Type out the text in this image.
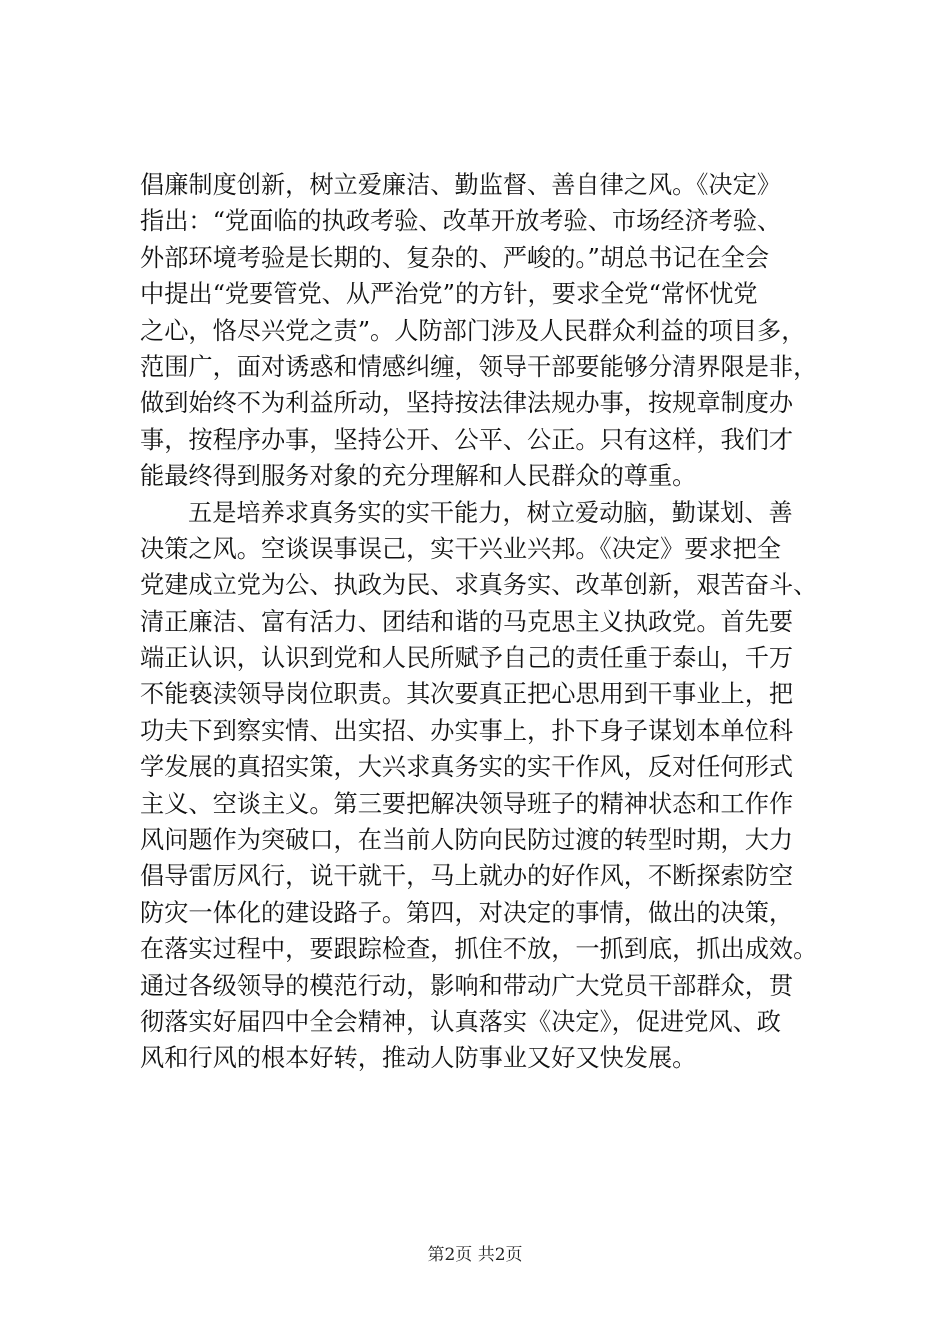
倡廉制度创新，树立爱廉洁、勤监督、善自律之风。《决定》
指出：“党面临的执政考验、改革开放考验、市场经济考验、
外部环境考验是长期的、复杂的、严峻的。”胡总书记在全会
中提出“党要管党、从严治党”的方针，要求全党“常怀忧党
之心，恪尽兴党之责”。人防部门涉及人民群众利益的项目多，
范围广，面对诱惑和情感纠缠，领导干部要能够分清界限是非，
做到始终不为利益所动，坚持按法律法规办事，按规章制度办
事，按程序办事，坚持公开、公平、公正。只有这样，我们才
能最终得到服务对象的充分理解和人民群众的尊重。
五是培养求真务实的实干能力，树立爱动脑，勤谋划、善
决策之风。空谈误事误己，实干兴业兴邦。《决定》要求把全
党建成立党为公、执政为民、求真务实、改革创新，艰苦奋斗、
清正廉洁、富有活力、团结和谐的马克思主义执政党。首先要
端正认识，认识到党和人民所赋予自己的责任重于泰山，千万
不能亵渎领导岗位职责。其次要真正把心思用到干事业上，把
功夫下到察实情、出实招、办实事上，扑下身子谋划本单位科
学发展的真招实策，大兴求真务实的实干作风，反对任何形式
主义、空谈主义。第三要把解决领导班子的精神状态和工作作
风问题作为突破口，在当前人防向民防过渡的转型时期，大力
倡导雷厉风行，说干就干，马上就办的好作风，不断探索防空
防灾一体化的建设路子。第四，对决定的事情，做出的决策，
在落实过程中，要跟踪检查，抓住不放，一抓到底，抓出成效。
通过各级领导的模范行动，影响和带动广大党员干部群众，贯
彻落实好届四中全会精神，认真落实《决定》，促进党风、政
风和行风的根本好转，推动人防事业又好又快发展。
第2页 共2页
